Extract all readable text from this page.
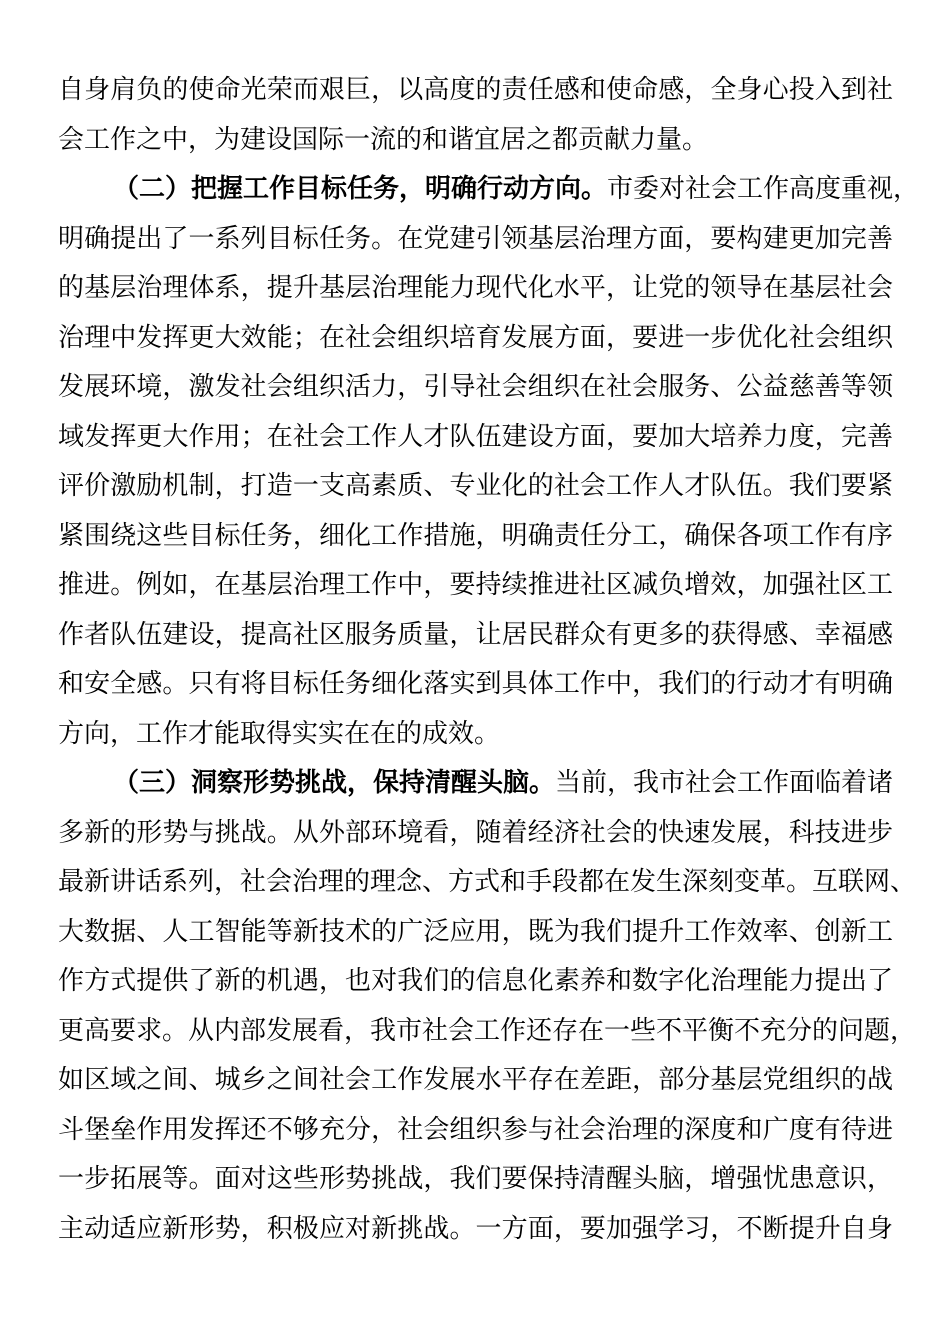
自身肩负的使命光荣而艰巨，以高度的责任感和使命感，全身心投入到社
会工作之中，为建设国际一流的和谐宜居之都贡献力量。
（二）把握工作目标任务，明确行动方向。市委对社会工作高度重视，
明确提出了一系列目标任务。在党建引领基层治理方面，要构建更加完善
的基层治理体系，提升基层治理能力现代化水平，让党的领导在基层社会
治理中发挥更大效能；在社会组织培育发展方面，要进一步优化社会组织
发展环境，激发社会组织活力，引导社会组织在社会服务、公益慈善等领
域发挥更大作用；在社会工作人才队伍建设方面，要加大培养力度，完善
评价激励机制，打造一支高素质、专业化的社会工作人才队伍。我们要紧
紧围绕这些目标任务，细化工作措施，明确责任分工，确保各项工作有序
推进。例如，在基层治理工作中，要持续推进社区减负增效，加强社区工
作者队伍建设，提高社区服务质量，让居民群众有更多的获得感、幸福感
和安全感。只有将目标任务细化落实到具体工作中，我们的行动才有明确
方向，工作才能取得实实在在的成效。
（三）洞察形势挑战，保持清醒头脑。当前，我市社会工作面临着诸
多新的形势与挑战。从外部环境看，随着经济社会的快速发展，科技进步
最新讲话系列，社会治理的理念、方式和手段都在发生深刻变革。互联网、
大数据、人工智能等新技术的广泛应用，既为我们提升工作效率、创新工
作方式提供了新的机遇，也对我们的信息化素养和数字化治理能力提出了
更高要求。从内部发展看，我市社会工作还存在一些不平衡不充分的问题，
如区域之间、城乡之间社会工作发展水平存在差距，部分基层党组织的战
斗堡垒作用发挥还不够充分，社会组织参与社会治理的深度和广度有待进
一步拓展等。面对这些形势挑战，我们要保持清醒头脑，增强忧患意识，
主动适应新形势，积极应对新挑战。一方面，要加强学习，不断提升自身
